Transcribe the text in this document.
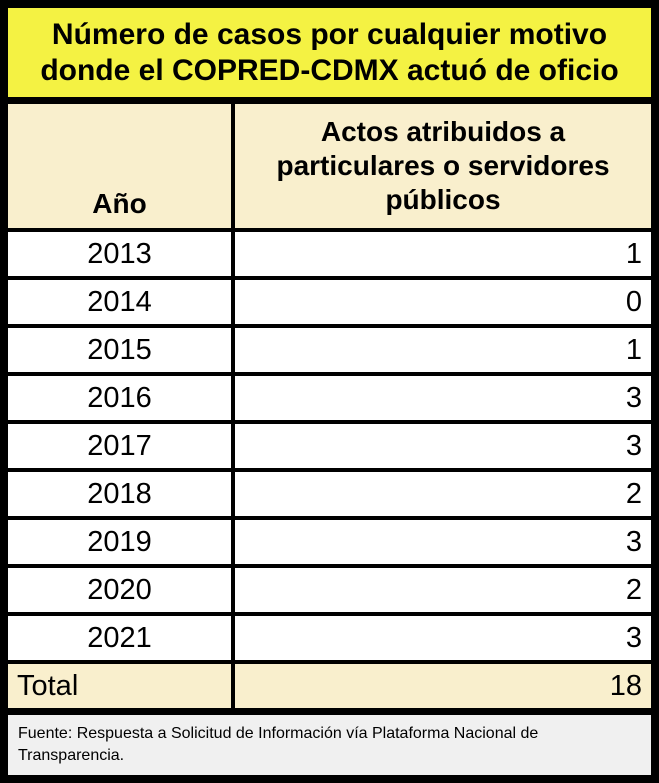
Número de casos por cualquier motivo
donde el COPRED-CDMX actuó de oficio
Año
Actos atribuidos a
particulares o servidores
públicos
2013	1
2014	0
2015	1
2016	3
2017	3
2018	2
2019	3
2020	2
2021	3
Total	18
Fuente: Respuesta a Solicitud de Información vía Plataforma Nacional de
Transparencia.
